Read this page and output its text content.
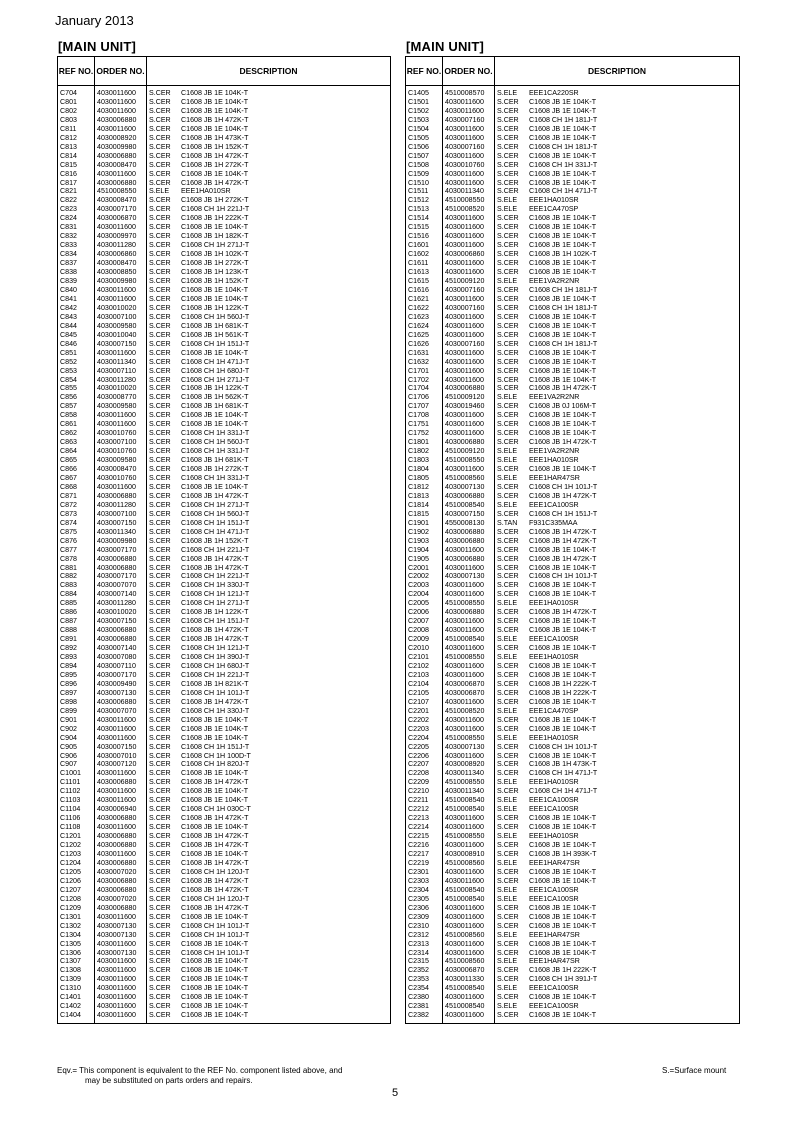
January 2013
[MAIN UNIT]	[MAIN UNIT]
REF NO.	ORDER NO.	DESCRIPTION
C704	4030011600	S.CER C1608 JB 1E 104K-T
C801	4030011600	S.CER C1608 JB 1E 104K-T
C802	4030011600	S.CER C1608 JB 1E 104K-T
C803	4030006880	S.CER C1608 JB 1H 472K-T
C811	4030011600	S.CER C1608 JB 1E 104K-T
C812	4030008920	S.CER C1608 JB 1H 473K-T
C813	4030009980	S.CER C1608 JB 1H 152K-T
C814	4030006880	S.CER C1608 JB 1H 472K-T
C815	4030008470	S.CER C1608 JB 1H 272K-T
C816	4030011600	S.CER C1608 JB 1E 104K-T
C817	4030006880	S.CER C1608 JB 1H 472K-T
C821	4510008550	S.ELE EEE1HA010SR
C822	4030008470	S.CER C1608 JB 1H 272K-T
C823	4030007170	S.CER C1608 CH 1H 221J-T
C824	4030006870	S.CER C1608 JB 1H 222K-T
C831	4030011600	S.CER C1608 JB 1E 104K-T
C832	4030009970	S.CER C1608 JB 1H 182K-T
C833	4030011280	S.CER C1608 CH 1H 271J-T
C834	4030006860	S.CER C1608 JB 1H 102K-T
C837	4030008470	S.CER C1608 JB 1H 272K-T
C838	4030008850	S.CER C1608 JB 1H 123K-T
C839	4030009980	S.CER C1608 JB 1H 152K-T
C840	4030011600	S.CER C1608 JB 1E 104K-T
C841	4030011600	S.CER C1608 JB 1E 104K-T
C842	4030010020	S.CER C1608 JB 1H 122K-T
C843	4030007100	S.CER C1608 CH 1H 560J-T
C844	4030009580	S.CER C1608 JB 1H 681K-T
C845	4030010040	S.CER C1608 JB 1H 561K-T
C846	4030007150	S.CER C1608 CH 1H 151J-T
C851	4030011600	S.CER C1608 JB 1E 104K-T
C852	4030011340	S.CER C1608 CH 1H 471J-T
C853	4030007110	S.CER C1608 CH 1H 680J-T
C854	4030011280	S.CER C1608 CH 1H 271J-T
C855	4030010020	S.CER C1608 JB 1H 122K-T
C856	4030008770	S.CER C1608 JB 1H 562K-T
C857	4030009580	S.CER C1608 JB 1H 681K-T
C858	4030011600	S.CER C1608 JB 1E 104K-T
C861	4030011600	S.CER C1608 JB 1E 104K-T
C862	4030010760	S.CER C1608 CH 1H 331J-T
C863	4030007100	S.CER C1608 CH 1H 560J-T
C864	4030010760	S.CER C1608 CH 1H 331J-T
C865	4030009580	S.CER C1608 JB 1H 681K-T
C866	4030008470	S.CER C1608 JB 1H 272K-T
C867	4030010760	S.CER C1608 CH 1H 331J-T
C868	4030011600	S.CER C1608 JB 1E 104K-T
C871	4030006880	S.CER C1608 JB 1H 472K-T
C872	4030011280	S.CER C1608 CH 1H 271J-T
C873	4030007100	S.CER C1608 CH 1H 560J-T
C874	4030007150	S.CER C1608 CH 1H 151J-T
C875	4030011340	S.CER C1608 CH 1H 471J-T
C876	4030009980	S.CER C1608 JB 1H 152K-T
C877	4030007170	S.CER C1608 CH 1H 221J-T
C878	4030006880	S.CER C1608 JB 1H 472K-T
C881	4030006880	S.CER C1608 JB 1H 472K-T
C882	4030007170	S.CER C1608 CH 1H 221J-T
C883	4030007070	S.CER C1608 CH 1H 330J-T
C884	4030007140	S.CER C1608 CH 1H 121J-T
C885	4030011280	S.CER C1608 CH 1H 271J-T
C886	4030010020	S.CER C1608 JB 1H 122K-T
C887	4030007150	S.CER C1608 CH 1H 151J-T
C888	4030006880	S.CER C1608 JB 1H 472K-T
C891	4030006880	S.CER C1608 JB 1H 472K-T
C892	4030007140	S.CER C1608 CH 1H 121J-T
C893	4030007080	S.CER C1608 CH 1H 390J-T
C894	4030007110	S.CER C1608 CH 1H 680J-T
C895	4030007170	S.CER C1608 CH 1H 221J-T
C896	4030009490	S.CER C1608 JB 1H 821K-T
C897	4030007130	S.CER C1608 CH 1H 101J-T
C898	4030006880	S.CER C1608 JB 1H 472K-T
C899	4030007070	S.CER C1608 CH 1H 330J-T
C901	4030011600	S.CER C1608 JB 1E 104K-T
C902	4030011600	S.CER C1608 JB 1E 104K-T
C904	4030011600	S.CER C1608 JB 1E 104K-T
C905	4030007150	S.CER C1608 CH 1H 151J-T
C906	4030007010	S.CER C1608 CH 1H 100D-T
C907	4030007120	S.CER C1608 CH 1H 820J-T
C1001	4030011600	S.CER C1608 JB 1E 104K-T
C1101	4030006880	S.CER C1608 JB 1H 472K-T
C1102	4030011600	S.CER C1608 JB 1E 104K-T
C1103	4030011600	S.CER C1608 JB 1E 104K-T
C1104	4030006940	S.CER C1608 CH 1H 030C-T
C1106	4030006880	S.CER C1608 JB 1H 472K-T
C1108	4030011600	S.CER C1608 JB 1E 104K-T
C1201	4030006880	S.CER C1608 JB 1H 472K-T
C1202	4030006880	S.CER C1608 JB 1H 472K-T
C1203	4030011600	S.CER C1608 JB 1E 104K-T
C1204	4030006880	S.CER C1608 JB 1H 472K-T
C1205	4030007020	S.CER C1608 CH 1H 120J-T
C1206	4030006880	S.CER C1608 JB 1H 472K-T
C1207	4030006880	S.CER C1608 JB 1H 472K-T
C1208	4030007020	S.CER C1608 CH 1H 120J-T
C1209	4030006880	S.CER C1608 JB 1H 472K-T
C1301	4030011600	S.CER C1608 JB 1E 104K-T
C1302	4030007130	S.CER C1608 CH 1H 101J-T
C1304	4030007130	S.CER C1608 CH 1H 101J-T
C1305	4030011600	S.CER C1608 JB 1E 104K-T
C1306	4030007130	S.CER C1608 CH 1H 101J-T
C1307	4030011600	S.CER C1608 JB 1E 104K-T
C1308	4030011600	S.CER C1608 JB 1E 104K-T
C1309	4030011600	S.CER C1608 JB 1E 104K-T
C1310	4030011600	S.CER C1608 JB 1E 104K-T
C1401	4030011600	S.CER C1608 JB 1E 104K-T
C1402	4030011600	S.CER C1608 JB 1E 104K-T
C1404	4030011600	S.CER C1608 JB 1E 104K-T
REF NO.	ORDER NO.	DESCRIPTION
C1405	4510008570	S.ELE EEE1CA220SR
C1501	4030011600	S.CER C1608 JB 1E 104K-T
C1502	4030011600	S.CER C1608 JB 1E 104K-T
C1503	4030007160	S.CER C1608 CH 1H 181J-T
C1504	4030011600	S.CER C1608 JB 1E 104K-T
C1505	4030011600	S.CER C1608 JB 1E 104K-T
C1506	4030007160	S.CER C1608 CH 1H 181J-T
C1507	4030011600	S.CER C1608 JB 1E 104K-T
C1508	4030010760	S.CER C1608 CH 1H 331J-T
C1509	4030011600	S.CER C1608 JB 1E 104K-T
C1510	4030011600	S.CER C1608 JB 1E 104K-T
C1511	4030011340	S.CER C1608 CH 1H 471J-T
C1512	4510008550	S.ELE EEE1HA010SR
C1513	4510008520	S.ELE EEE1CA470SP
C1514	4030011600	S.CER C1608 JB 1E 104K-T
C1515	4030011600	S.CER C1608 JB 1E 104K-T
C1516	4030011600	S.CER C1608 JB 1E 104K-T
C1601	4030011600	S.CER C1608 JB 1E 104K-T
C1602	4030006860	S.CER C1608 JB 1H 102K-T
C1611	4030011600	S.CER C1608 JB 1E 104K-T
C1613	4030011600	S.CER C1608 JB 1E 104K-T
C1615	4510009120	S.ELE EEE1VA2R2NR
C1616	4030007160	S.CER C1608 CH 1H 181J-T
C1621	4030011600	S.CER C1608 JB 1E 104K-T
C1622	4030007160	S.CER C1608 CH 1H 181J-T
C1623	4030011600	S.CER C1608 JB 1E 104K-T
C1624	4030011600	S.CER C1608 JB 1E 104K-T
C1625	4030011600	S.CER C1608 JB 1E 104K-T
C1626	4030007160	S.CER C1608 CH 1H 181J-T
C1631	4030011600	S.CER C1608 JB 1E 104K-T
C1632	4030011600	S.CER C1608 JB 1E 104K-T
C1701	4030011600	S.CER C1608 JB 1E 104K-T
C1702	4030011600	S.CER C1608 JB 1E 104K-T
C1704	4030006880	S.CER C1608 JB 1H 472K-T
C1706	4510009120	S.ELE EEE1VA2R2NR
C1707	4030019460	S.CER C1608 JB 0J 106M-T
C1708	4030011600	S.CER C1608 JB 1E 104K-T
C1751	4030011600	S.CER C1608 JB 1E 104K-T
C1752	4030011600	S.CER C1608 JB 1E 104K-T
C1801	4030006880	S.CER C1608 JB 1H 472K-T
C1802	4510009120	S.ELE EEE1VA2R2NR
C1803	4510008550	S.ELE EEE1HA010SR
C1804	4030011600	S.CER C1608 JB 1E 104K-T
C1805	4510008560	S.ELE EEE1HAR47SR
C1812	4030007130	S.CER C1608 CH 1H 101J-T
C1813	4030006880	S.CER C1608 JB 1H 472K-T
C1814	4510008540	S.ELE EEE1CA100SR
C1815	4030007150	S.CER C1608 CH 1H 151J-T
C1901	4550008130	S.TAN F931C335MAA
C1902	4030006880	S.CER C1608 JB 1H 472K-T
C1903	4030006880	S.CER C1608 JB 1H 472K-T
C1904	4030011600	S.CER C1608 JB 1E 104K-T
C1905	4030006880	S.CER C1608 JB 1H 472K-T
C2001	4030011600	S.CER C1608 JB 1E 104K-T
C2002	4030007130	S.CER C1608 CH 1H 101J-T
C2003	4030011600	S.CER C1608 JB 1E 104K-T
C2004	4030011600	S.CER C1608 JB 1E 104K-T
C2005	4510008550	S.ELE EEE1HA010SR
C2006	4030006880	S.CER C1608 JB 1H 472K-T
C2007	4030011600	S.CER C1608 JB 1E 104K-T
C2008	4030011600	S.CER C1608 JB 1E 104K-T
C2009	4510008540	S.ELE EEE1CA100SR
C2010	4030011600	S.CER C1608 JB 1E 104K-T
C2101	4510008550	S.ELE EEE1HA010SR
C2102	4030011600	S.CER C1608 JB 1E 104K-T
C2103	4030011600	S.CER C1608 JB 1E 104K-T
C2104	4030006870	S.CER C1608 JB 1H 222K-T
C2105	4030006870	S.CER C1608 JB 1H 222K-T
C2107	4030011600	S.CER C1608 JB 1E 104K-T
C2201	4510008520	S.ELE EEE1CA470SP
C2202	4030011600	S.CER C1608 JB 1E 104K-T
C2203	4030011600	S.CER C1608 JB 1E 104K-T
C2204	4510008550	S.ELE EEE1HA010SR
C2205	4030007130	S.CER C1608 CH 1H 101J-T
C2206	4030011600	S.CER C1608 JB 1E 104K-T
C2207	4030008920	S.CER C1608 JB 1H 473K-T
C2208	4030011340	S.CER C1608 CH 1H 471J-T
C2209	4510008550	S.ELE EEE1HA010SR
C2210	4030011340	S.CER C1608 CH 1H 471J-T
C2211	4510008540	S.ELE EEE1CA100SR
C2212	4510008540	S.ELE EEE1CA100SR
C2213	4030011600	S.CER C1608 JB 1E 104K-T
C2214	4030011600	S.CER C1608 JB 1E 104K-T
C2215	4510008550	S.ELE EEE1HA010SR
C2216	4030011600	S.CER C1608 JB 1E 104K-T
C2217	4030008910	S.CER C1608 JB 1H 393K-T
C2219	4510008560	S.ELE EEE1HAR47SR
C2301	4030011600	S.CER C1608 JB 1E 104K-T
C2303	4030011600	S.CER C1608 JB 1E 104K-T
C2304	4510008540	S.ELE EEE1CA100SR
C2305	4510008540	S.ELE EEE1CA100SR
C2306	4030011600	S.CER C1608 JB 1E 104K-T
C2309	4030011600	S.CER C1608 JB 1E 104K-T
C2310	4030011600	S.CER C1608 JB 1E 104K-T
C2312	4510008560	S.ELE EEE1HAR47SR
C2313	4030011600	S.CER C1608 JB 1E 104K-T
C2314	4030011600	S.CER C1608 JB 1E 104K-T
C2315	4510008560	S.ELE EEE1HAR47SR
C2352	4030006870	S.CER C1608 JB 1H 222K-T
C2353	4030011330	S.CER C1608 CH 1H 391J-T
C2354	4510008540	S.ELE EEE1CA100SR
C2380	4030011600	S.CER C1608 JB 1E 104K-T
C2381	4510008540	S.ELE EEE1CA100SR
C2382	4030011600	S.CER C1608 JB 1E 104K-T
Eqv.= This component is equivalent to the REF No. component listed above, and
may be substituted on parts orders and repairs.
S.=Surface mount
5
